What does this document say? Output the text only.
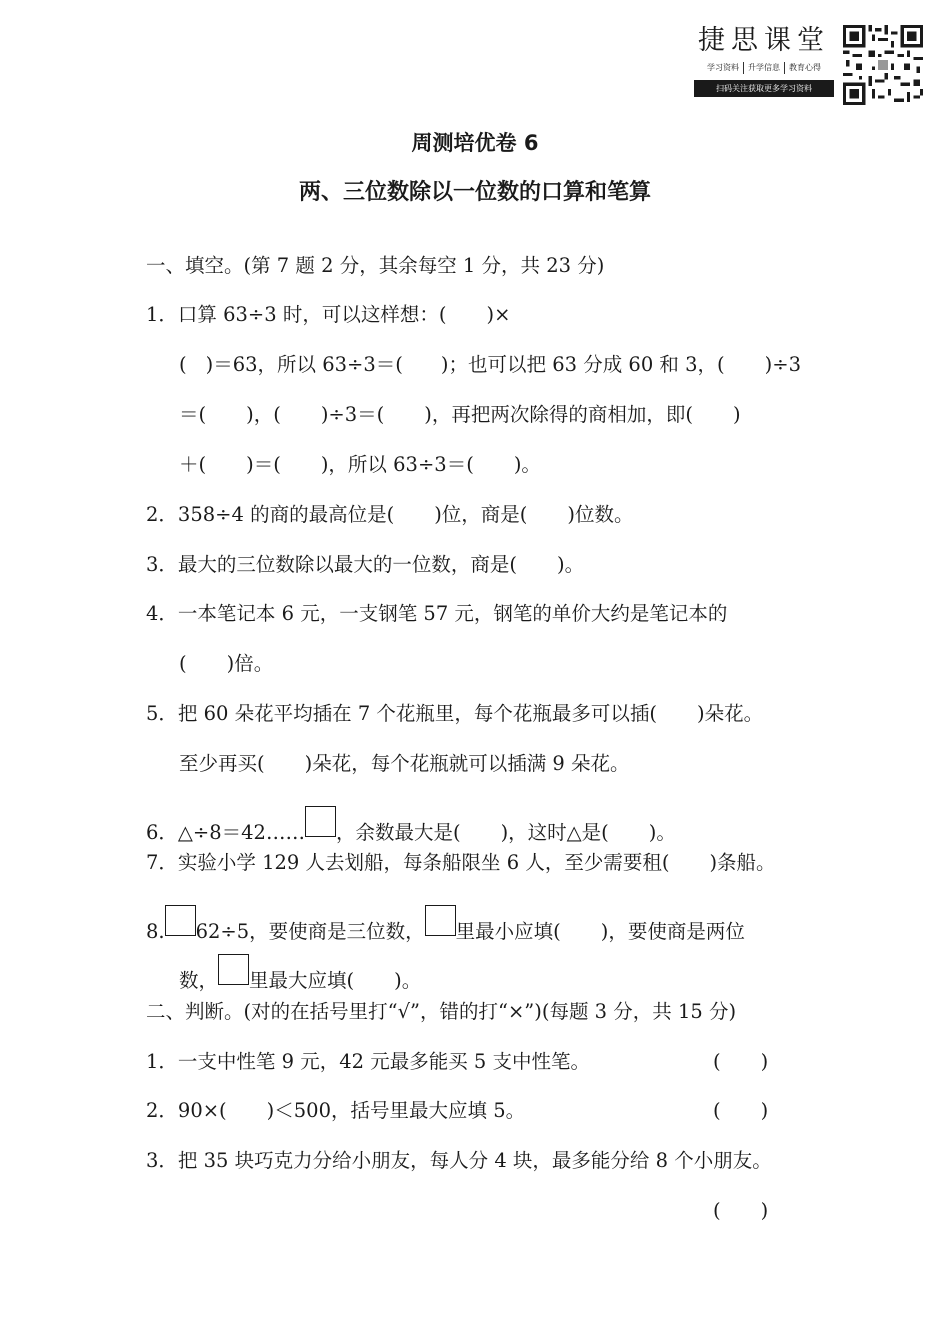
捷思课堂
学习资料	升学信息	教育心得
扫码关注获取更多学习资料
周测培优卷 6
两、三位数除以一位数的口算和笔算
一、填空。(第 7 题 2 分，其余每空 1 分，共 23 分)
1．口算 63÷3 时，可以这样想：( )×
( )＝63，所以 63÷3＝( )；也可以把 63 分成 60 和 3，( )÷3
＝( )，( )÷3＝( )，再把两次除得的商相加，即( )
＋( )＝( )，所以 63÷3＝( )。
2．358÷4 的商的最高位是( )位，商是( )位数。
3．最大的三位数除以最大的一位数，商是( )。
4．一本笔记本 6 元，一支钢笔 57 元，钢笔的单价大约是笔记本的
( )倍。
5．把 60 朵花平均插在 7 个花瓶里，每个花瓶最多可以插( )朵花。
至少再买( )朵花，每个花瓶就可以插满 9 朵花。
6．△÷8＝42…… ，余数最大是( )，这时△是( )。
7．实验小学 129 人去划船，每条船限坐 6 人，至少需要租( )条船。
8. 62÷5，要使商是三位数， 里最小应填( )，要使商是两位
数， 里最大应填( )。
二、判断。(对的在括号里打“√”，错的打“×”)(每题 3 分，共 15 分)
1．一支中性笔 9 元，42 元最多能买 5 支中性笔。	( )
2．90×( )＜500，括号里最大应填 5。	( )
3．把 35 块巧克力分给小朋友，每人分 4 块，最多能分给 8 个小朋友。
( )
